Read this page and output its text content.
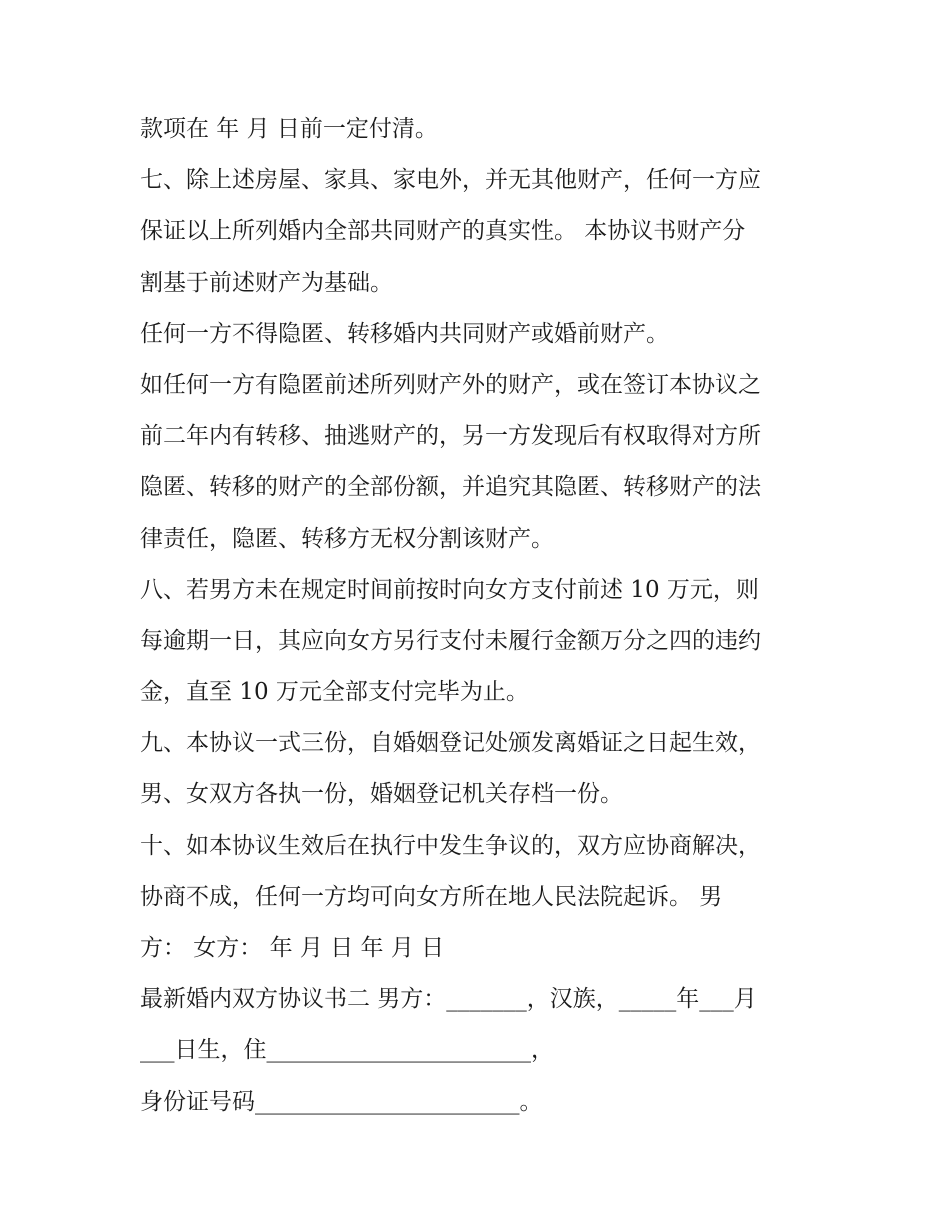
款项在 年 月 日前一定付清。
七、除上述房屋、家具、家电外，并无其他财产，任何一方应
保证以上所列婚内全部共同财产的真实性。 本协议书财产分
割基于前述财产为基础。
任何一方不得隐匿、转移婚内共同财产或婚前财产。
如任何一方有隐匿前述所列财产外的财产，或在签订本协议之
前二年内有转移、抽逃财产的，另一方发现后有权取得对方所
隐匿、转移的财产的全部份额，并追究其隐匿、转移财产的法
律责任，隐匿、转移方无权分割该财产。
八、若男方未在规定时间前按时向女方支付前述 10 万元，则
每逾期一日，其应向女方另行支付未履行金额万分之四的违约
金，直至 10 万元全部支付完毕为止。
九、本协议一式三份，自婚姻登记处颁发离婚证之日起生效，
男、女双方各执一份，婚姻登记机关存档一份。
十、如本协议生效后在执行中发生争议的，双方应协商解决，
协商不成，任何一方均可向女方所在地人民法院起诉。 男
方： 女方： 年 月 日 年 月 日
最新婚内双方协议书二 男方：_______，汉族，_____年___月
___日生，住_______________________，
身份证号码_______________________。
